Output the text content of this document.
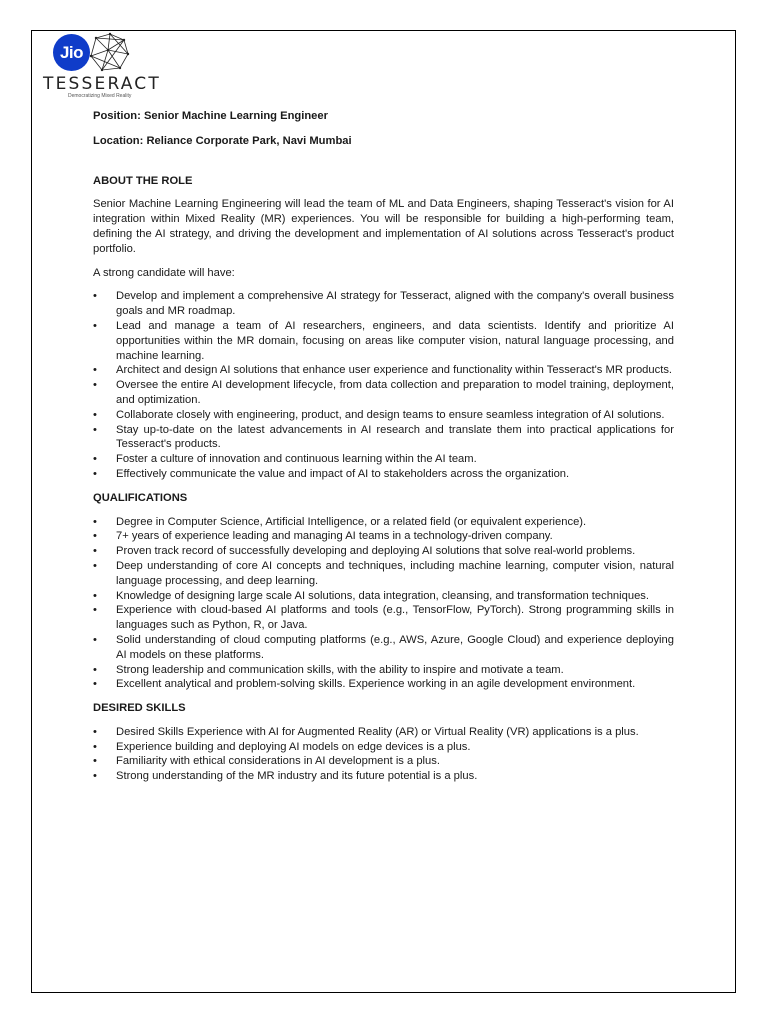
Jio
TESSERACT
Democratizing Mixed Reality

Position: Senior Machine Learning Engineer

Location: Reliance Corporate Park, Navi Mumbai

ABOUT THE ROLE

Senior Machine Learning Engineering will lead the team of ML and Data Engineers, shaping Tesseract's vision for AI integration within Mixed Reality (MR) experiences. You will be responsible for building a high-performing team, defining the AI strategy, and driving the development and implementation of AI solutions across Tesseract's product portfolio.

A strong candidate will have:

• Develop and implement a comprehensive AI strategy for Tesseract, aligned with the company's overall business goals and MR roadmap.
• Lead and manage a team of AI researchers, engineers, and data scientists. Identify and prioritize AI opportunities within the MR domain, focusing on areas like computer vision, natural language processing, and machine learning.
• Architect and design AI solutions that enhance user experience and functionality within Tesseract's MR products.
• Oversee the entire AI development lifecycle, from data collection and preparation to model training, deployment, and optimization.
• Collaborate closely with engineering, product, and design teams to ensure seamless integration of AI solutions.
• Stay up-to-date on the latest advancements in AI research and translate them into practical applications for Tesseract's products.
• Foster a culture of innovation and continuous learning within the AI team.
• Effectively communicate the value and impact of AI to stakeholders across the organization.
QUALIFICATIONS
• Degree in Computer Science, Artificial Intelligence, or a related field (or equivalent experience).
• 7+ years of experience leading and managing AI teams in a technology-driven company.
• Proven track record of successfully developing and deploying AI solutions that solve real-world problems.
• Deep understanding of core AI concepts and techniques, including machine learning, computer vision, natural language processing, and deep learning.
• Knowledge of designing large scale AI solutions, data integration, cleansing, and transformation techniques.
• Experience with cloud-based AI platforms and tools (e.g., TensorFlow, PyTorch). Strong programming skills in languages such as Python, R, or Java.
• Solid understanding of cloud computing platforms (e.g., AWS, Azure, Google Cloud) and experience deploying AI models on these platforms.
• Strong leadership and communication skills, with the ability to inspire and motivate a team.
• Excellent analytical and problem-solving skills. Experience working in an agile development environment.
DESIRED SKILLS
• Desired Skills Experience with AI for Augmented Reality (AR) or Virtual Reality (VR) applications is a plus.
• Experience building and deploying AI models on edge devices is a plus.
• Familiarity with ethical considerations in AI development is a plus.
• Strong understanding of the MR industry and its future potential is a plus.
